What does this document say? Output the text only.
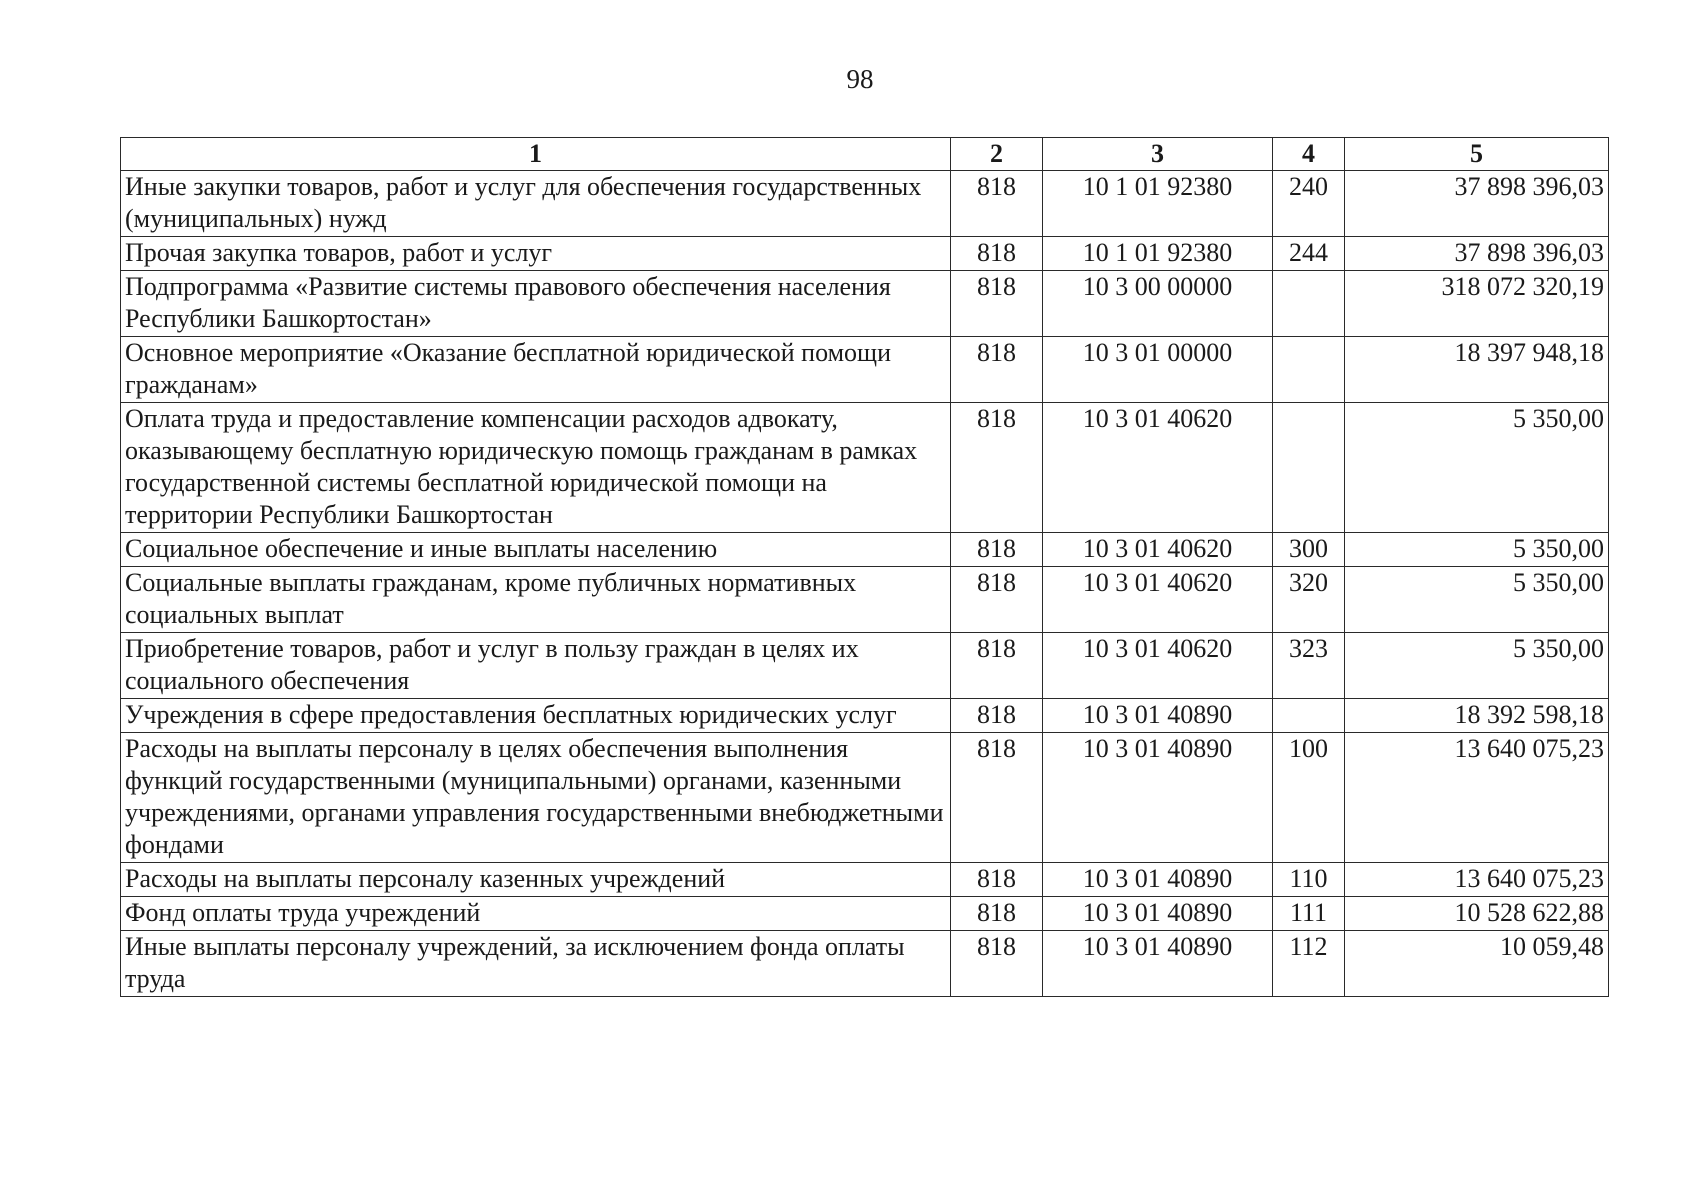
98
1	2	3	4	5
Иные закупки товаров, работ и услуг для обеспечения государственных (муниципальных) нужд	818	10 1 01 92380	240	37 898 396,03
Прочая закупка товаров, работ и услуг	818	10 1 01 92380	244	37 898 396,03
Подпрограмма «Развитие системы правового обеспечения населения Республики Башкортостан»	818	10 3 00 00000		318 072 320,19
Основное мероприятие «Оказание бесплатной юридической помощи гражданам»	818	10 3 01 00000		18 397 948,18
Оплата труда и предоставление компенсации расходов адвокату, оказывающему бесплатную юридическую помощь гражданам в рамках государственной системы бесплатной юридической помощи на территории Республики Башкортостан	818	10 3 01 40620		5 350,00
Социальное обеспечение и иные выплаты населению	818	10 3 01 40620	300	5 350,00
Социальные выплаты гражданам, кроме публичных нормативных социальных выплат	818	10 3 01 40620	320	5 350,00
Приобретение товаров, работ и услуг в пользу граждан в целях их социального обеспечения	818	10 3 01 40620	323	5 350,00
Учреждения в сфере предоставления бесплатных юридических услуг	818	10 3 01 40890		18 392 598,18
Расходы на выплаты персоналу в целях обеспечения выполнения функций государственными (муниципальными) органами, казенными учреждениями, органами управления государственными внебюджетными фондами	818	10 3 01 40890	100	13 640 075,23
Расходы на выплаты персоналу казенных учреждений	818	10 3 01 40890	110	13 640 075,23
Фонд оплаты труда учреждений	818	10 3 01 40890	111	10 528 622,88
Иные выплаты персоналу учреждений, за исключением фонда оплаты труда	818	10 3 01 40890	112	10 059,48
